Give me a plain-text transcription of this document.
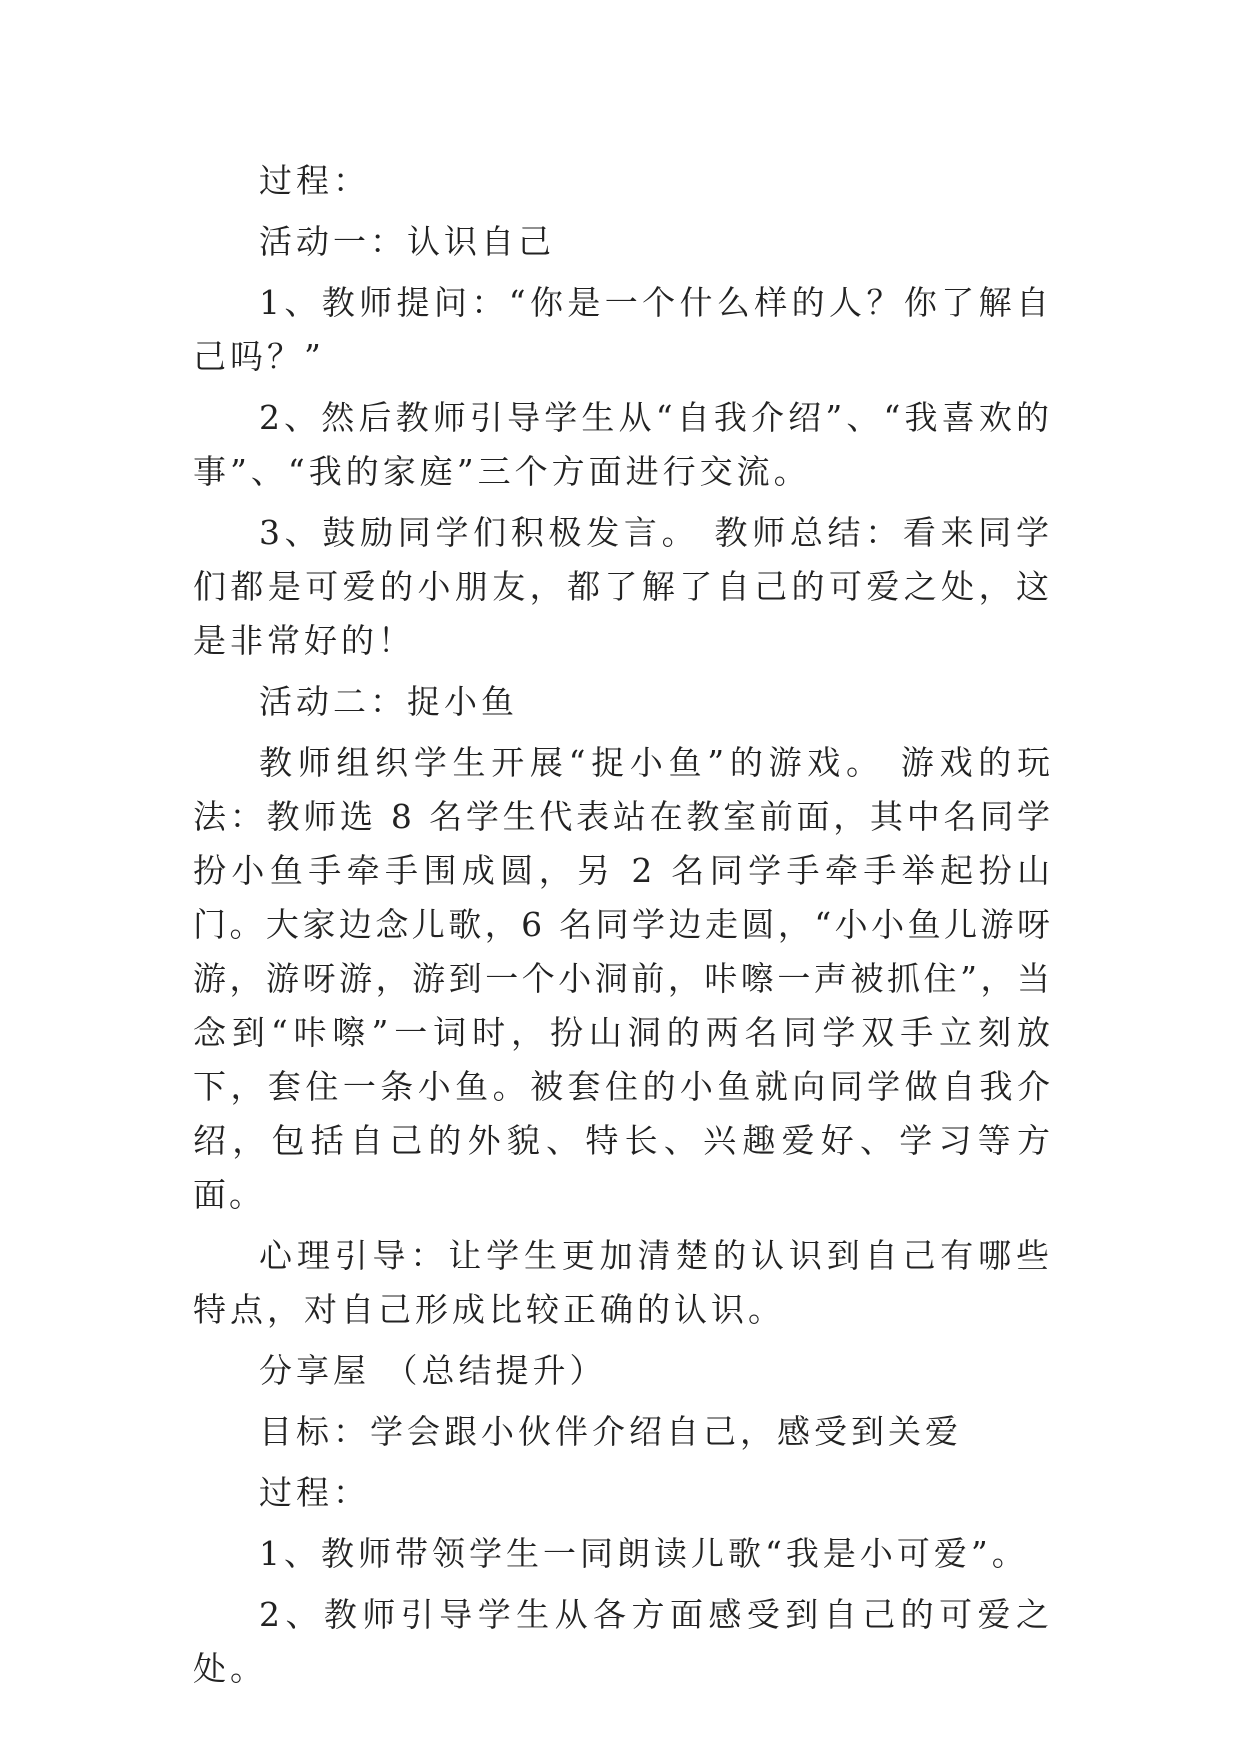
过程：

活动一：认识自己

1、教师提问：“你是一个什么样的人？你了解自己吗？”

2、然后教师引导学生从“自我介绍”、“我喜欢的事”、“我的家庭”三个方面进行交流。

3、鼓励同学们积极发言。 教师总结：看来同学们都是可爱的小朋友，都了解了自己的可爱之处，这是非常好的！

活动二：捉小鱼

教师组织学生开展“捉小鱼”的游戏。 游戏的玩法：教师选 8 名学生代表站在教室前面，其中名同学扮小鱼手牵手围成圆，另 2 名同学手牵手举起扮山门。大家边念儿歌，6 名同学边走圆，“小小鱼儿游呀游，游呀游，游到一个小洞前，咔嚓一声被抓住”，当念到“咔嚓”一词时，扮山洞的两名同学双手立刻放下，套住一条小鱼。被套住的小鱼就向同学做自我介绍，包括自己的外貌、特长、兴趣爱好、学习等方面。

心理引导：让学生更加清楚的认识到自己有哪些特点，对自己形成比较正确的认识。

分享屋 （总结提升）

目标：学会跟小伙伴介绍自己，感受到关爱

过程：

1、教师带领学生一同朗读儿歌“我是小可爱”。

2、教师引导学生从各方面感受到自己的可爱之处。
